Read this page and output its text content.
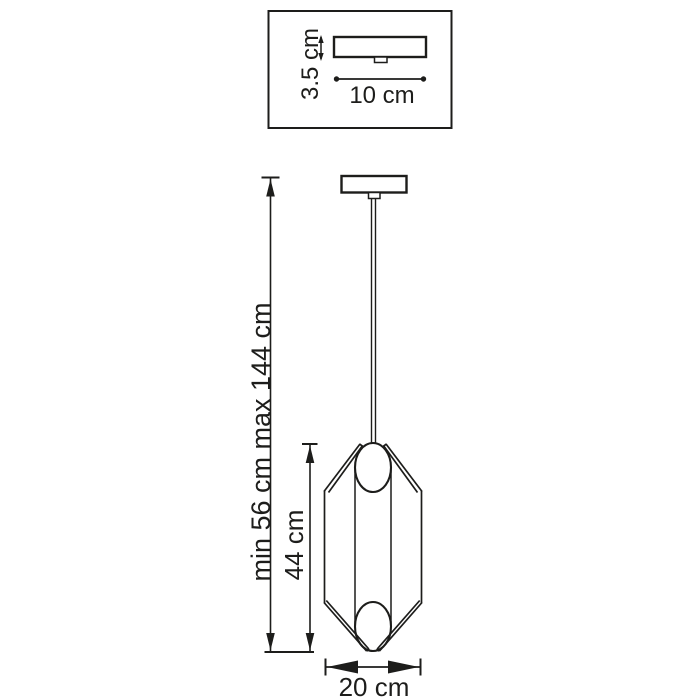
3.5 cm 10 cm
min 56 cm max 144 cm 44 cm
20 cm
